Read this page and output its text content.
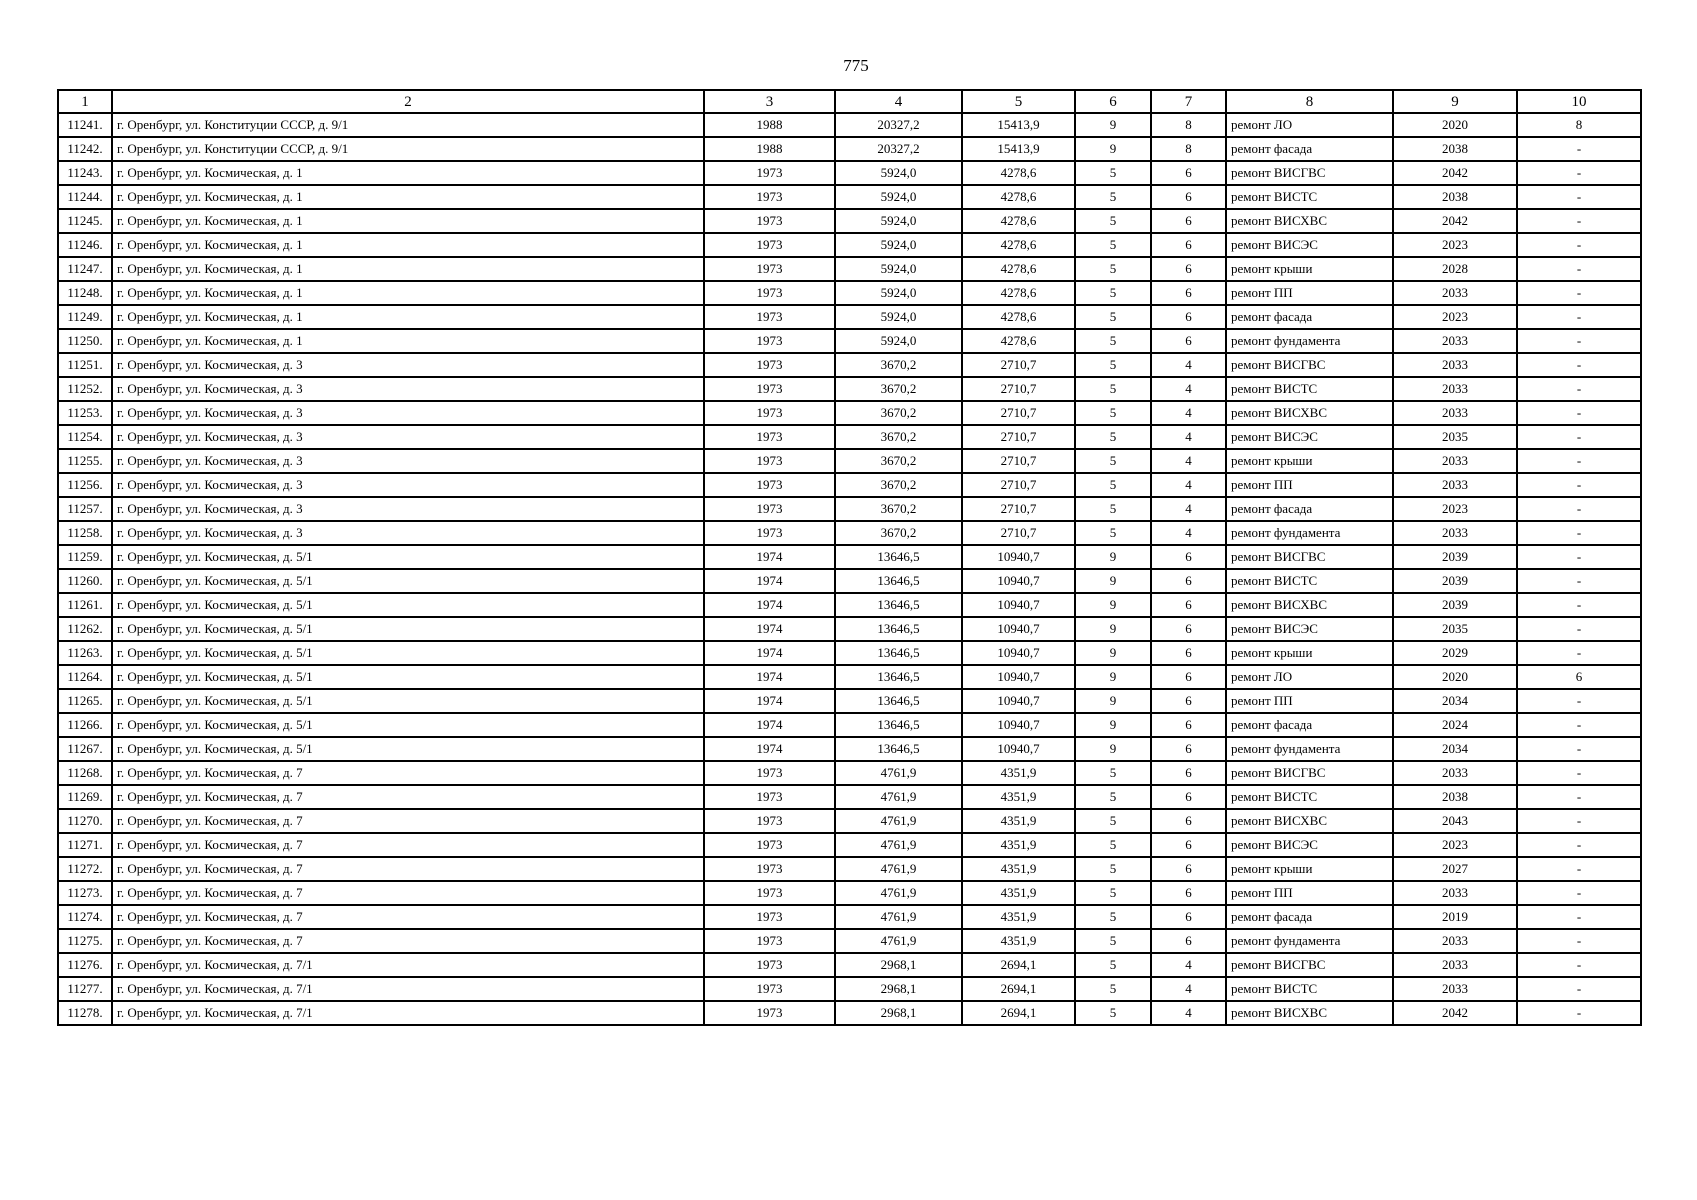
775
1	2	3	4	5	6	7	8	9	10
11241.	г. Оренбург, ул. Конституции СССР, д. 9/1	1988	20327,2	15413,9	9	8	ремонт ЛО	2020	8
11242.	г. Оренбург, ул. Конституции СССР, д. 9/1	1988	20327,2	15413,9	9	8	ремонт фасада	2038	-
11243.	г. Оренбург, ул. Космическая, д. 1	1973	5924,0	4278,6	5	6	ремонт ВИСГВС	2042	-
11244.	г. Оренбург, ул. Космическая, д. 1	1973	5924,0	4278,6	5	6	ремонт ВИСТС	2038	-
11245.	г. Оренбург, ул. Космическая, д. 1	1973	5924,0	4278,6	5	6	ремонт ВИСХВС	2042	-
11246.	г. Оренбург, ул. Космическая, д. 1	1973	5924,0	4278,6	5	6	ремонт ВИСЭС	2023	-
11247.	г. Оренбург, ул. Космическая, д. 1	1973	5924,0	4278,6	5	6	ремонт крыши	2028	-
11248.	г. Оренбург, ул. Космическая, д. 1	1973	5924,0	4278,6	5	6	ремонт ПП	2033	-
11249.	г. Оренбург, ул. Космическая, д. 1	1973	5924,0	4278,6	5	6	ремонт фасада	2023	-
11250.	г. Оренбург, ул. Космическая, д. 1	1973	5924,0	4278,6	5	6	ремонт фундамента	2033	-
11251.	г. Оренбург, ул. Космическая, д. 3	1973	3670,2	2710,7	5	4	ремонт ВИСГВС	2033	-
11252.	г. Оренбург, ул. Космическая, д. 3	1973	3670,2	2710,7	5	4	ремонт ВИСТС	2033	-
11253.	г. Оренбург, ул. Космическая, д. 3	1973	3670,2	2710,7	5	4	ремонт ВИСХВС	2033	-
11254.	г. Оренбург, ул. Космическая, д. 3	1973	3670,2	2710,7	5	4	ремонт ВИСЭС	2035	-
11255.	г. Оренбург, ул. Космическая, д. 3	1973	3670,2	2710,7	5	4	ремонт крыши	2033	-
11256.	г. Оренбург, ул. Космическая, д. 3	1973	3670,2	2710,7	5	4	ремонт ПП	2033	-
11257.	г. Оренбург, ул. Космическая, д. 3	1973	3670,2	2710,7	5	4	ремонт фасада	2023	-
11258.	г. Оренбург, ул. Космическая, д. 3	1973	3670,2	2710,7	5	4	ремонт фундамента	2033	-
11259.	г. Оренбург, ул. Космическая, д. 5/1	1974	13646,5	10940,7	9	6	ремонт ВИСГВС	2039	-
11260.	г. Оренбург, ул. Космическая, д. 5/1	1974	13646,5	10940,7	9	6	ремонт ВИСТС	2039	-
11261.	г. Оренбург, ул. Космическая, д. 5/1	1974	13646,5	10940,7	9	6	ремонт ВИСХВС	2039	-
11262.	г. Оренбург, ул. Космическая, д. 5/1	1974	13646,5	10940,7	9	6	ремонт ВИСЭС	2035	-
11263.	г. Оренбург, ул. Космическая, д. 5/1	1974	13646,5	10940,7	9	6	ремонт крыши	2029	-
11264.	г. Оренбург, ул. Космическая, д. 5/1	1974	13646,5	10940,7	9	6	ремонт ЛО	2020	6
11265.	г. Оренбург, ул. Космическая, д. 5/1	1974	13646,5	10940,7	9	6	ремонт ПП	2034	-
11266.	г. Оренбург, ул. Космическая, д. 5/1	1974	13646,5	10940,7	9	6	ремонт фасада	2024	-
11267.	г. Оренбург, ул. Космическая, д. 5/1	1974	13646,5	10940,7	9	6	ремонт фундамента	2034	-
11268.	г. Оренбург, ул. Космическая, д. 7	1973	4761,9	4351,9	5	6	ремонт ВИСГВС	2033	-
11269.	г. Оренбург, ул. Космическая, д. 7	1973	4761,9	4351,9	5	6	ремонт ВИСТС	2038	-
11270.	г. Оренбург, ул. Космическая, д. 7	1973	4761,9	4351,9	5	6	ремонт ВИСХВС	2043	-
11271.	г. Оренбург, ул. Космическая, д. 7	1973	4761,9	4351,9	5	6	ремонт ВИСЭС	2023	-
11272.	г. Оренбург, ул. Космическая, д. 7	1973	4761,9	4351,9	5	6	ремонт крыши	2027	-
11273.	г. Оренбург, ул. Космическая, д. 7	1973	4761,9	4351,9	5	6	ремонт ПП	2033	-
11274.	г. Оренбург, ул. Космическая, д. 7	1973	4761,9	4351,9	5	6	ремонт фасада	2019	-
11275.	г. Оренбург, ул. Космическая, д. 7	1973	4761,9	4351,9	5	6	ремонт фундамента	2033	-
11276.	г. Оренбург, ул. Космическая, д. 7/1	1973	2968,1	2694,1	5	4	ремонт ВИСГВС	2033	-
11277.	г. Оренбург, ул. Космическая, д. 7/1	1973	2968,1	2694,1	5	4	ремонт ВИСТС	2033	-
11278.	г. Оренбург, ул. Космическая, д. 7/1	1973	2968,1	2694,1	5	4	ремонт ВИСХВС	2042	-
